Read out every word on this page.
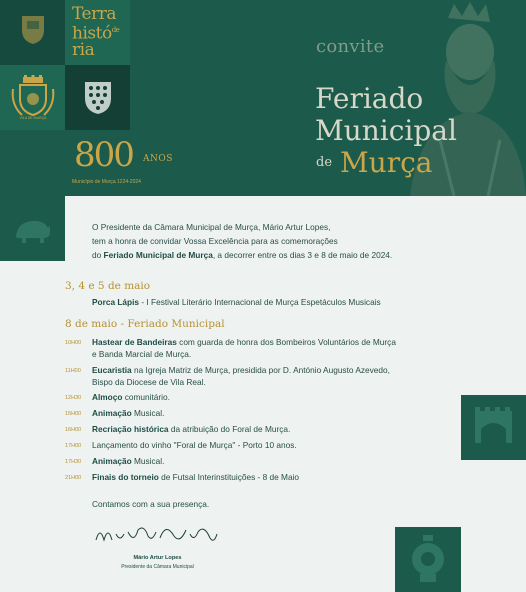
Terra
histó$^{de}$
ria
VILA DE MURÇA
800 ANOS
Município de Murça 1224-2024
convite
Feriado
Municipal
de Murça
O Presidente da Câmara Municipal de Murça, Mário Artur Lopes,
tem a honra de convidar Vossa Excelência para as comemorações
do Feriado Municipal de Murça, a decorrer entre os dias 3 e 8 de maio de 2024.
3, 4 e 5 de maio
Porca Lápis - I Festival Literário Internacional de Murça Espetáculos Musicais
8 de maio - Feriado Municipal
10H00	Hastear de Bandeiras com guarda de honra dos Bombeiros Voluntários de Murça
e Banda Marcial de Murça.
11H00	Eucaristia na Igreja Matriz de Murça, presidida por D. António Augusto Azevedo,
Bispo da Diocese de Vila Real.
12H30	Almoço comunitário.
15H00	Animação Musical.
16H00	Recriação histórica da atribuição do Foral de Murça.
17H00	Lançamento do vinho "Foral de Murça" - Porto 10 anos.
17H30	Animação Musical.
21H00	Finais do torneio de Futsal Interinstituições - 8 de Maio
Contamos com a sua presença.
Mário Artur Lopes
Presidente da Câmara Municipal
